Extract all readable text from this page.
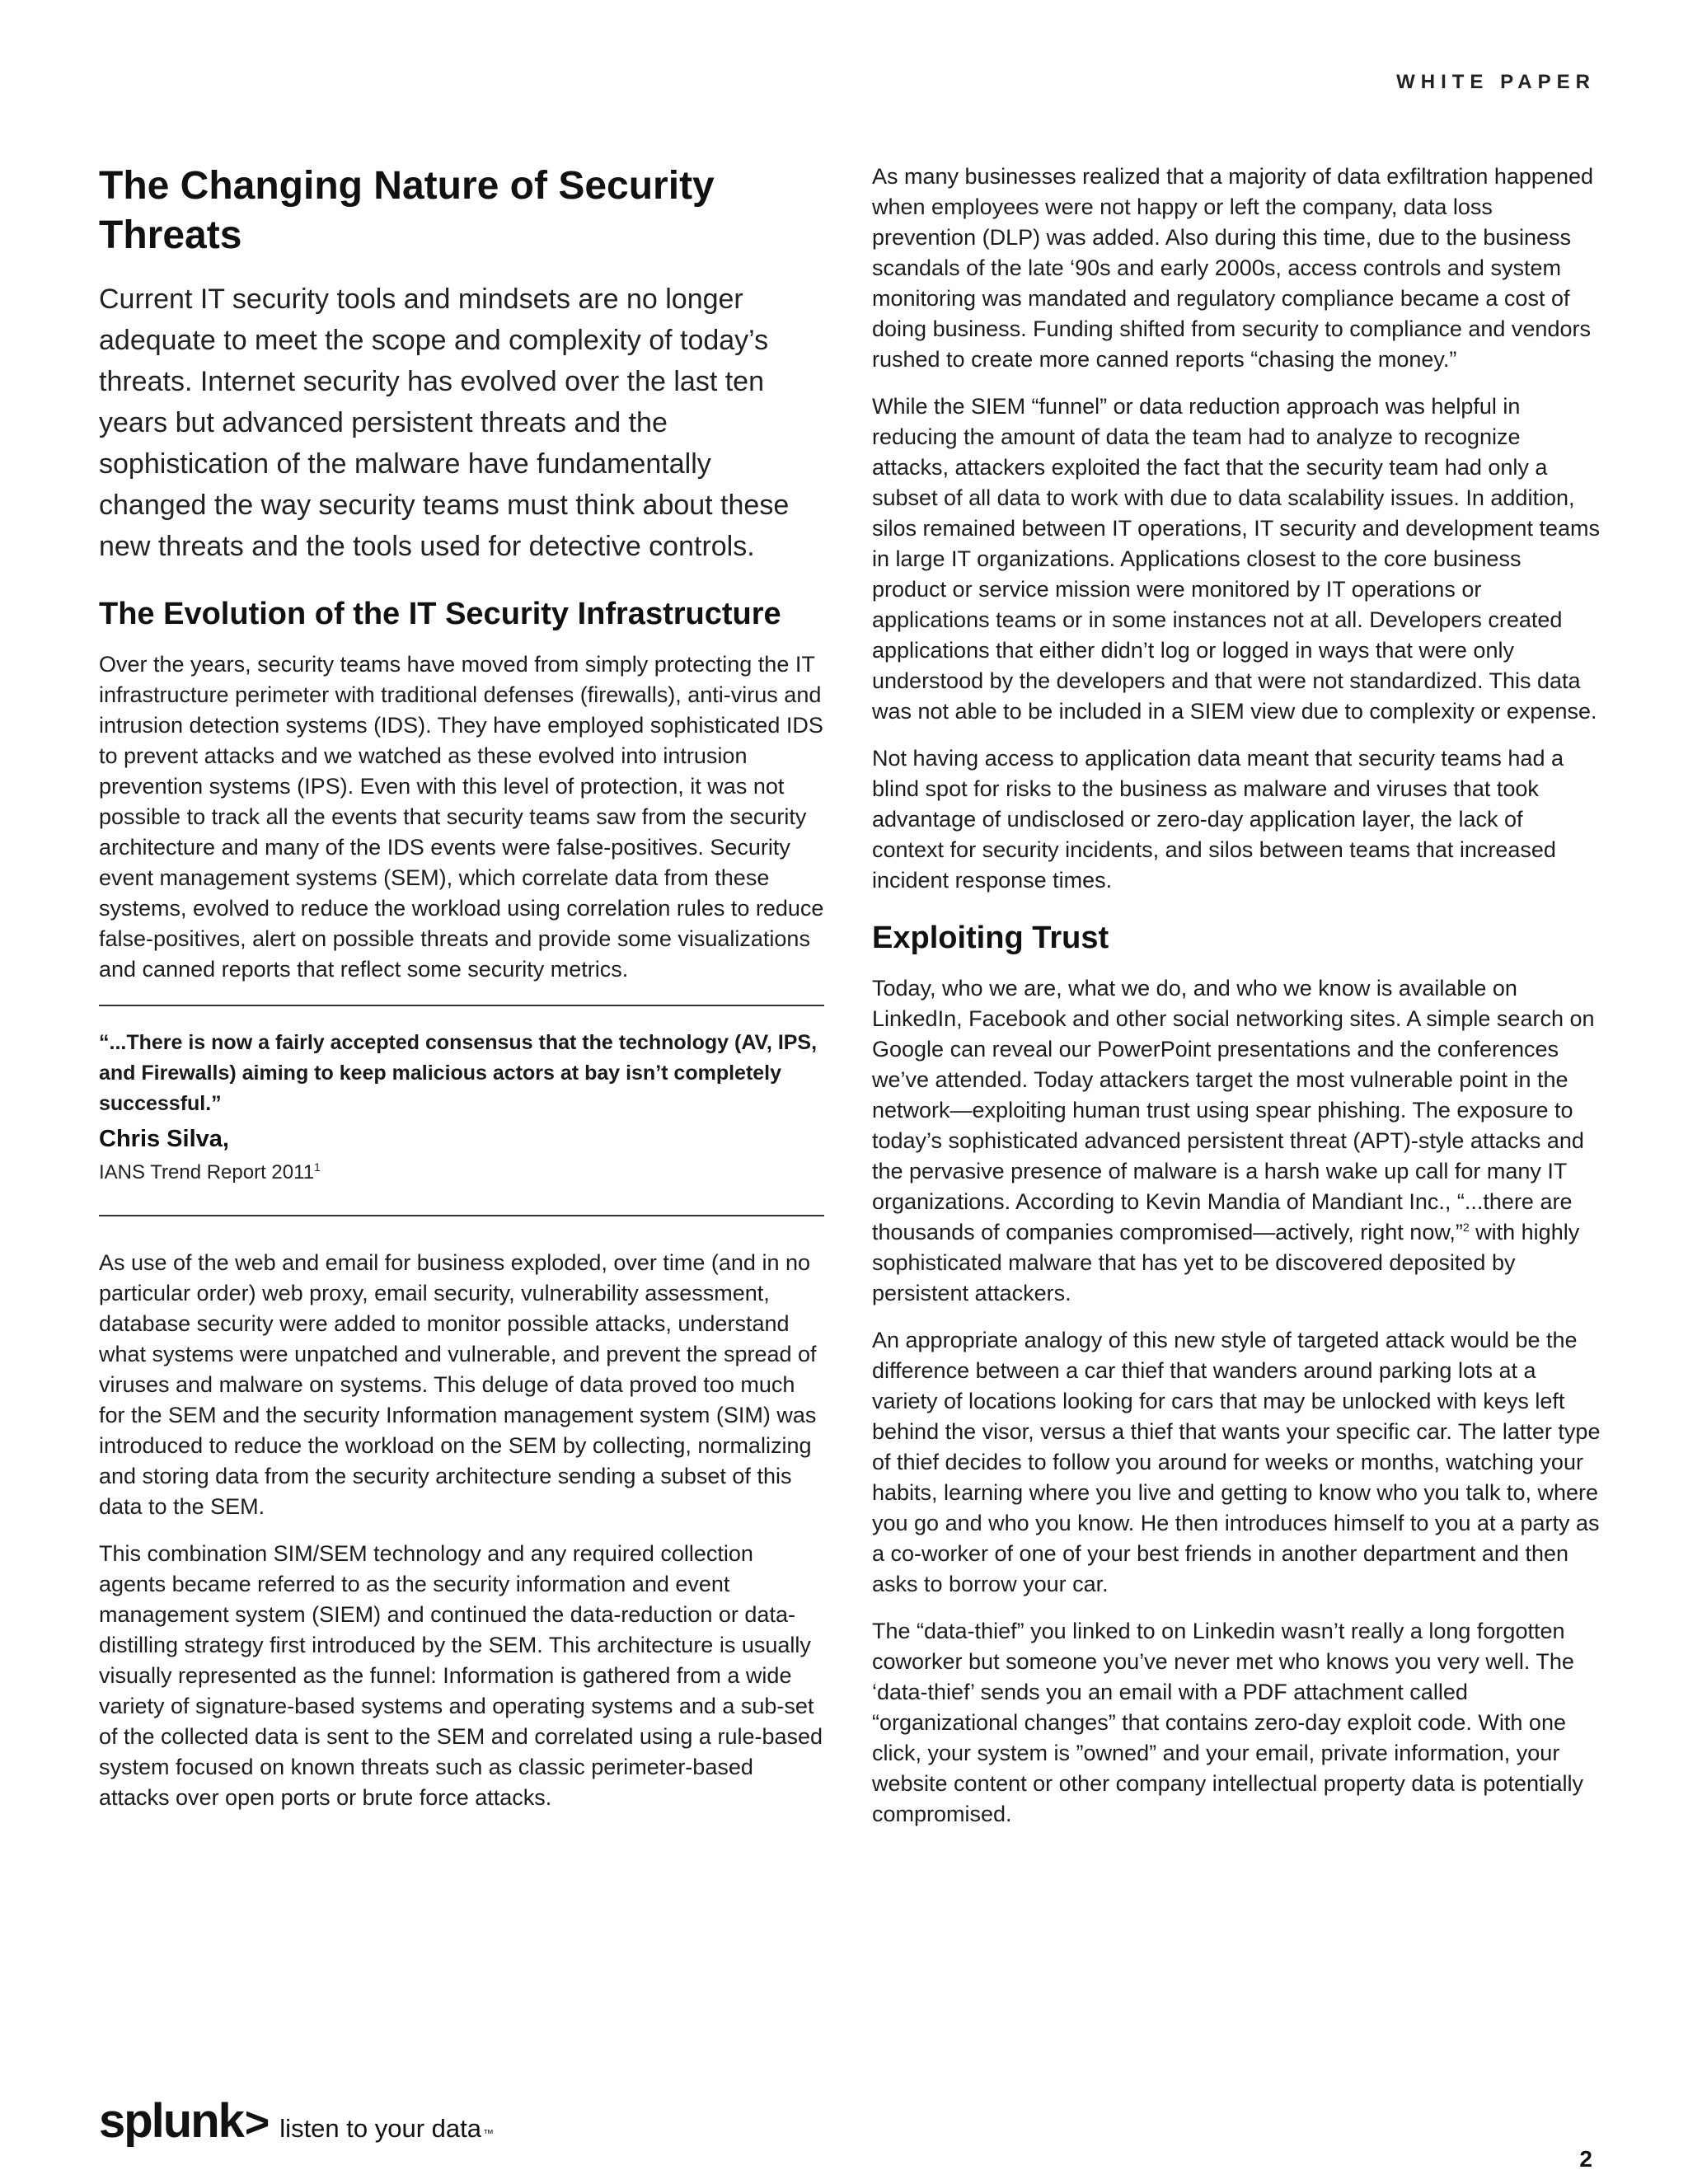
WHITE PAPER
The Changing Nature of Security Threats

Current IT security tools and mindsets are no longer adequate to meet the scope and complexity of today’s threats. Internet security has evolved over the last ten years but advanced persistent threats and the sophistication of the malware have fundamentally changed the way security teams must think about these new threats and the tools used for detective controls.

The Evolution of the IT Security Infrastructure

Over the years, security teams have moved from simply protecting the IT infrastructure perimeter with traditional defenses (firewalls), anti-virus and intrusion detection systems (IDS). They have employed sophisticated IDS to prevent attacks and we watched as these evolved into intrusion prevention systems (IPS). Even with this level of protection, it was not possible to track all the events that security teams saw from the security architecture and many of the IDS events were false-positives. Security event management systems (SEM), which correlate data from these systems, evolved to reduce the workload using correlation rules to reduce false-positives, alert on possible threats and provide some visualizations and canned reports that reflect some security metrics.

“...There is now a fairly accepted consensus that the technology (AV, IPS, and Firewalls) aiming to keep malicious actors at bay isn’t completely successful.”

Chris Silva,

IANS Trend Report 2011$^1$

As use of the web and email for business exploded, over time (and in no particular order) web proxy, email security, vulnerability assessment, database security were added to monitor possible attacks, understand what systems were unpatched and vulnerable, and prevent the spread of viruses and malware on systems. This deluge of data proved too much for the SEM and the security Information management system (SIM) was introduced to reduce the workload on the SEM by collecting, normalizing and storing data from the security architecture sending a subset of this data to the SEM.

This combination SIM/SEM technology and any required collection agents became referred to as the security information and event management system (SIEM) and continued the data-reduction or data-distilling strategy first introduced by the SEM. This architecture is usually visually represented as the funnel: Information is gathered from a wide variety of signature-based systems and operating systems and a sub-set of the collected data is sent to the SEM and correlated using a rule-based system focused on known threats such as classic perimeter-based attacks over open ports or brute force attacks.

As many businesses realized that a majority of data exfiltration happened when employees were not happy or left the company, data loss prevention (DLP) was added. Also during this time, due to the business scandals of the late ‘90s and early 2000s, access controls and system monitoring was mandated and regulatory compliance became a cost of doing business. Funding shifted from security to compliance and vendors rushed to create more canned reports “chasing the money.”

While the SIEM “funnel” or data reduction approach was helpful in reducing the amount of data the team had to analyze to recognize attacks, attackers exploited the fact that the security team had only a subset of all data to work with due to data scalability issues. In addition, silos remained between IT operations, IT security and development teams in large IT organizations. Applications closest to the core business product or service mission were monitored by IT operations or applications teams or in some instances not at all. Developers created applications that either didn’t log or logged in ways that were only understood by the developers and that were not standardized. This data was not able to be included in a SIEM view due to complexity or expense.

Not having access to application data meant that security teams had a blind spot for risks to the business as malware and viruses that took advantage of undisclosed or zero-day application layer, the lack of context for security incidents, and silos between teams that increased incident response times.

Exploiting Trust

Today, who we are, what we do, and who we know is available on LinkedIn, Facebook and other social networking sites. A simple search on Google can reveal our PowerPoint presentations and the conferences we’ve attended. Today attackers target the most vulnerable point in the network—exploiting human trust using spear phishing. The exposure to today’s sophisticated advanced persistent threat (APT)-style attacks and the pervasive presence of malware is a harsh wake up call for many IT organizations. According to Kevin Mandia of Mandiant Inc., “...there are thousands of companies compromised—actively, right now,”$^2$ with highly sophisticated malware that has yet to be discovered deposited by persistent attackers.

An appropriate analogy of this new style of targeted attack would be the difference between a car thief that wanders around parking lots at a variety of locations looking for cars that may be unlocked with keys left behind the visor, versus a thief that wants your specific car. The latter type of thief decides to follow you around for weeks or months, watching your habits, learning where you live and getting to know who you talk to, where you go and who you know. He then introduces himself to you at a party as a co-worker of one of your best friends in another department and then asks to borrow your car.

The “data-thief” you linked to on Linkedin wasn’t really a long forgotten coworker but someone you’ve never met who knows you very well. The ‘data-thief’ sends you an email with a PDF attachment called “organizational changes” that contains zero-day exploit code. With one click, your system is ”owned” and your email, private information, your website content or other company intellectual property data is potentially compromised.

splunk > listen to your data ™
2
